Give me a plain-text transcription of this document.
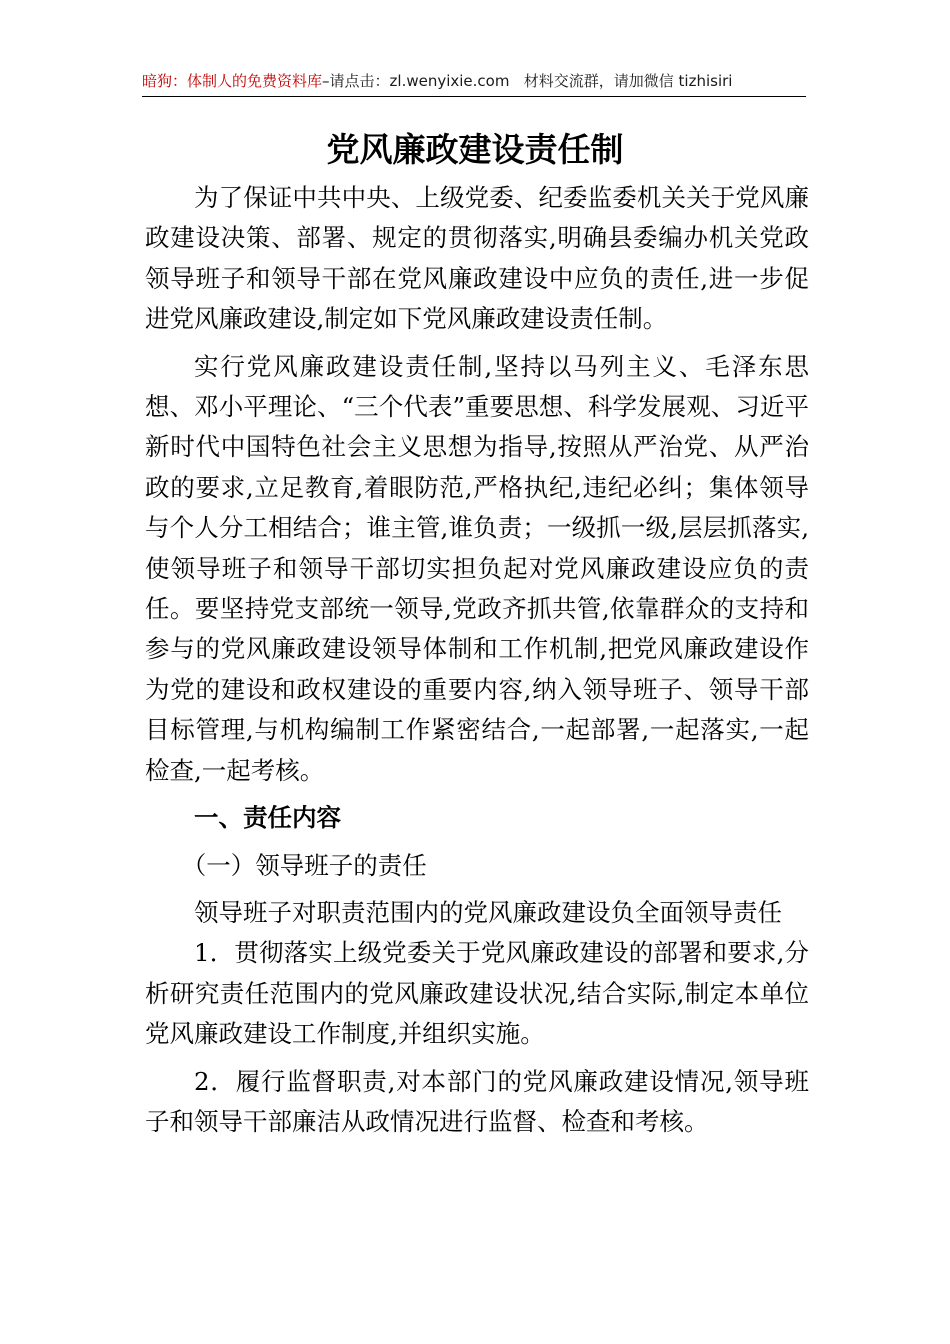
暗狗：体制人的免费资料库–请点击：zl.wenyixie.com 材料交流群，请加微信 tizhisiri
党风廉政建设责任制

为了保证中共中央、上级党委、纪委监委机关关于党风廉政建设决策、部署、规定的贯彻落实,明确县委编办机关党政领导班子和领导干部在党风廉政建设中应负的责任,进一步促进党风廉政建设,制定如下党风廉政建设责任制。

实行党风廉政建设责任制,坚持以马列主义、毛泽东思想、邓小平理论、“三个代表”重要思想、科学发展观、习近平新时代中国特色社会主义思想为指导,按照从严治党、从严治政的要求,立足教育,着眼防范,严格执纪,违纪必纠；集体领导与个人分工相结合；谁主管,谁负责；一级抓一级,层层抓落实,使领导班子和领导干部切实担负起对党风廉政建设应负的责任。要坚持党支部统一领导,党政齐抓共管,依靠群众的支持和参与的党风廉政建设领导体制和工作机制,把党风廉政建设作为党的建设和政权建设的重要内容,纳入领导班子、领导干部目标管理,与机构编制工作紧密结合,一起部署,一起落实,一起检查,一起考核。

一、责任内容

（一）领导班子的责任

领导班子对职责范围内的党风廉政建设负全面领导责任

1．贯彻落实上级党委关于党风廉政建设的部署和要求,分析研究责任范围内的党风廉政建设状况,结合实际,制定本单位党风廉政建设工作制度,并组织实施。

2．履行监督职责,对本部门的党风廉政建设情况,领导班子和领导干部廉洁从政情况进行监督、检查和考核。
